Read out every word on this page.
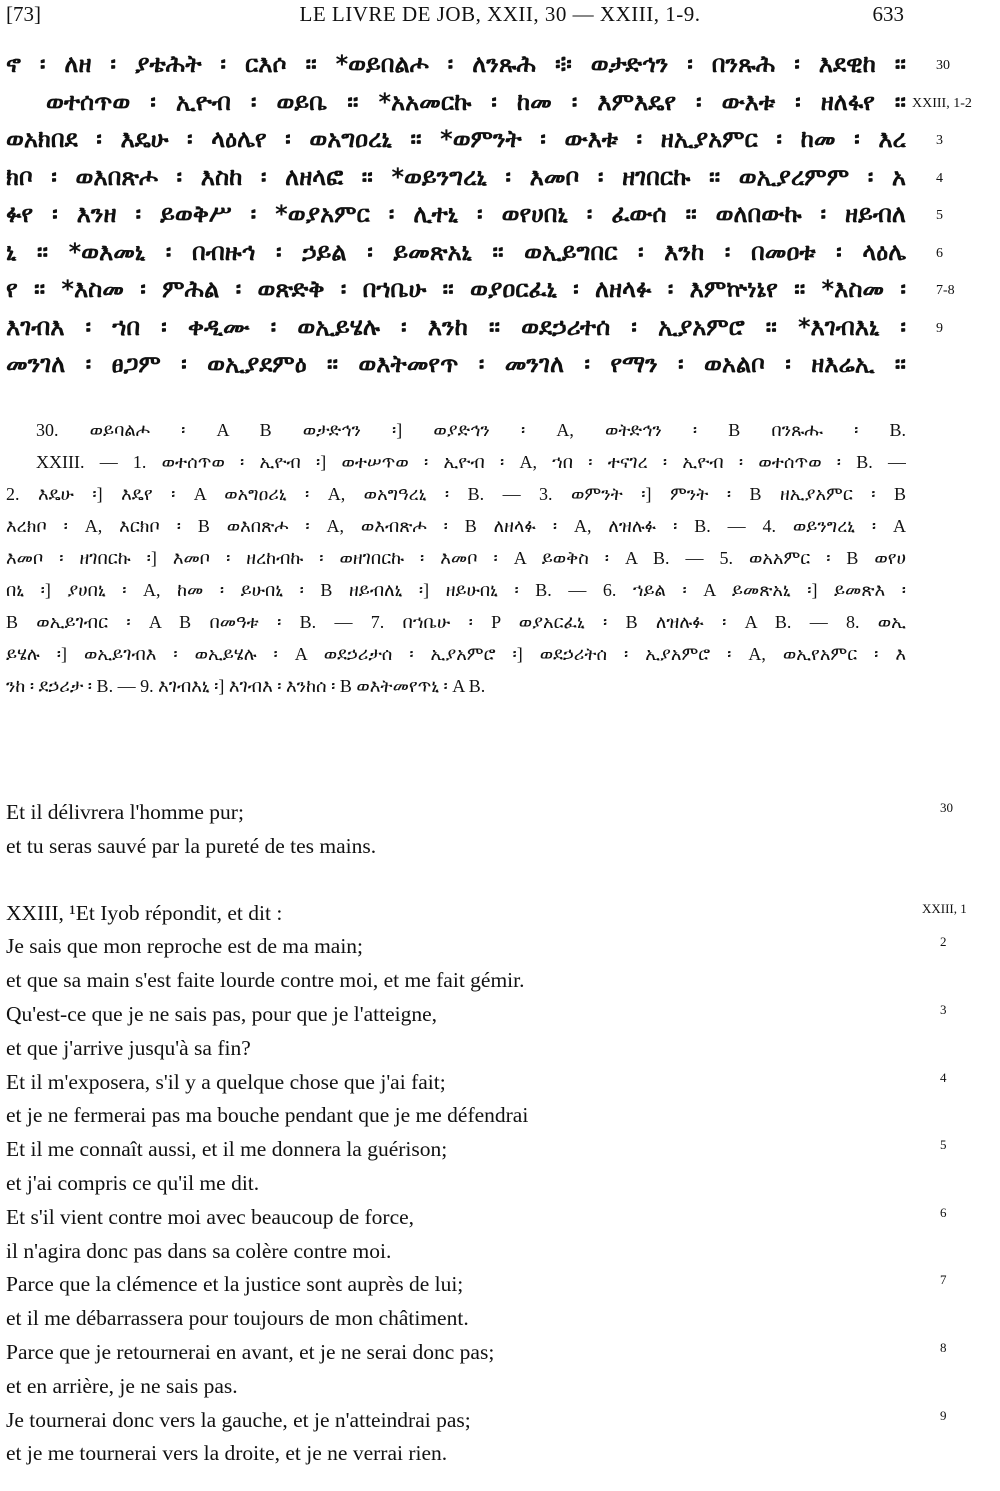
[73]	LE LIVRE DE JOB, XXII, 30 — XXIII, 1-9.	633
ኖ ፡ ለዘ ፡ ያቴሕት ፡ ርእሶ ። *ወይበልሖ ፡ ለንጹሕ ፨ ወታድኅን ፡ በንጹሕ ፡ እደዊከ ።
ወተሰጥወ ፡ ኢዮብ ፡ ወይቤ ። *አአመርኩ ፡ ከመ ፡ እምእዴየ ፡ ውእቱ ፡ ዘለፋየ ።
ወአክበደ ፡ እዴሁ ፡ ላዕሌየ ፡ ወአግዐረኒ ። *ወምንት ፡ ውእቱ ፡ ዘኢያአምር ፡ ከመ ፡ እረ
ክቦ ፡ ወእበጽሖ ፡ እስከ ፡ ለዘላፎ ። *ወይንግረኒ ፡ እመቦ ፡ ዘገበርኩ ። ወኢያረምም ፡ አ
ፉየ ፡ እንዘ ፡ ይወቅሥ ፡ *ወያአምር ፡ ሊተኒ ፡ ወየሀበኒ ፡ ፈውሰ ። ወለበውኩ ፡ ዘይብለ
ኒ ። *ወእመኒ ፡ በብዙኅ ፡ ኃይል ፡ ይመጽአኒ ። ወኢይግበር ፡ እንከ ፡ በመዐቱ ፡ ላዕሌ
የ ። *እስመ ፡ ምሕል ፡ ወጽድቅ ፡ በኀቤሁ ። ወያዐርፈኒ ፡ ለዘላፉ ፡ እምኵነኔየ ። *እስመ ፡
እገብእ ፡ ኀበ ፡ ቀዲሙ ፡ ወኢይሄሉ ፡ እንከ ። ወደኃሪተሰ ፡ ኢያአምሮ ። *እገብእኒ ፡
መንገለ ፡ ፀጋም ፡ ወኢያደምዕ ። ወእትመየጥ ፡ መንገለ ፡ የማን ፡ ወአልቦ ፡ ዘእሬኢ ።
30
XXIII, 1-2
3
4
5
6
7-8
9
30. ወይባልሖ ፡ A B ወታድኅን ፡] ወያድኅን ፡ A, ወትድኅን ፡ B በንጹሑ ፡ B.
XXIII. — 1. ወተሰጥወ ፡ ኢዮብ ፡] ወተሠጥወ ፡ ኢዮብ ፡ A, ኀበ ፡ ተናገረ ፡ ኢዮብ ፡ ወተሰጥወ ፡ B. —
2. እዴሁ ፡] እዴየ ፡ A ወአግዐሪኒ ፡ A, ወአግዓረኒ ፡ B. — 3. ወምንት ፡] ምንት ፡ B ዘኢያአምር ፡ B
እረክቦ ፡ A, እርክቦ ፡ B ወእበጽሖ ፡ A, ወእብጽሖ ፡ B ለዘላፉ ፡ A, ለዝሉፉ ፡ B. — 4. ወይንግረኒ ፡ A
እመቦ ፡ ዘገበርኩ ፡] እመቦ ፡ ዘረከብኩ ፡ ወዘገበርኩ ፡ እመቦ ፡ A ይወቅስ ፡ A B. — 5. ወአአምር ፡ B ወየሀ
በኒ ፡] ያሀበኒ ፡ A, ከመ ፡ ይሁበኒ ፡ B ዘይብለኒ ፡] ዘይሁበኒ ፡ B. — 6. ኀይል ፡ A ይመጽአኒ ፡] ይመጽእ ፡
B ወኢይገብር ፡ A B በመዓቱ ፡ B. — 7. በኀቤሁ ፡ P ወያአርፈኒ ፡ B ለዝሉፉ ፡ A B. — 8. ወኢ
ይሄሉ ፡] ወኢይገብእ ፡ ወኢይሄሉ ፡ A ወደኃሪታሰ ፡ ኢያአምሮ ፡] ወደኃሪትሰ ፡ ኢያአምሮ ፡ A, ወኢየአምር ፡ እ
ንከ ፡ ደኃሪታ ፡ B. — 9. እገብእኒ ፡] እገብእ ፡ እንከሰ ፡ B ወእትመየጥኒ ፡ A B.
Et il délivrera l'homme pur;
et tu seras sauvé par la pureté de tes mains.
XXIII, ¹Et Iyob répondit, et dit :
Je sais que mon reproche est de ma main;
et que sa main s'est faite lourde contre moi, et me fait gémir.
Qu'est-ce que je ne sais pas, pour que je l'atteigne,
et que j'arrive jusqu'à sa fin?
Et il m'exposera, s'il y a quelque chose que j'ai fait;
et je ne fermerai pas ma bouche pendant que je me défendrai
Et il me connaît aussi, et il me donnera la guérison;
et j'ai compris ce qu'il me dit.
Et s'il vient contre moi avec beaucoup de force,
il n'agira donc pas dans sa colère contre moi.
Parce que la clémence et la justice sont auprès de lui;
et il me débarrassera pour toujours de mon châtiment.
Parce que je retournerai en avant, et je ne serai donc pas;
et en arrière, je ne sais pas.
Je tournerai donc vers la gauche, et je n'atteindrai pas;
et je me tournerai vers la droite, et je ne verrai rien.
30
XXIII, 1
2
3
4
5
6
7
8
9
